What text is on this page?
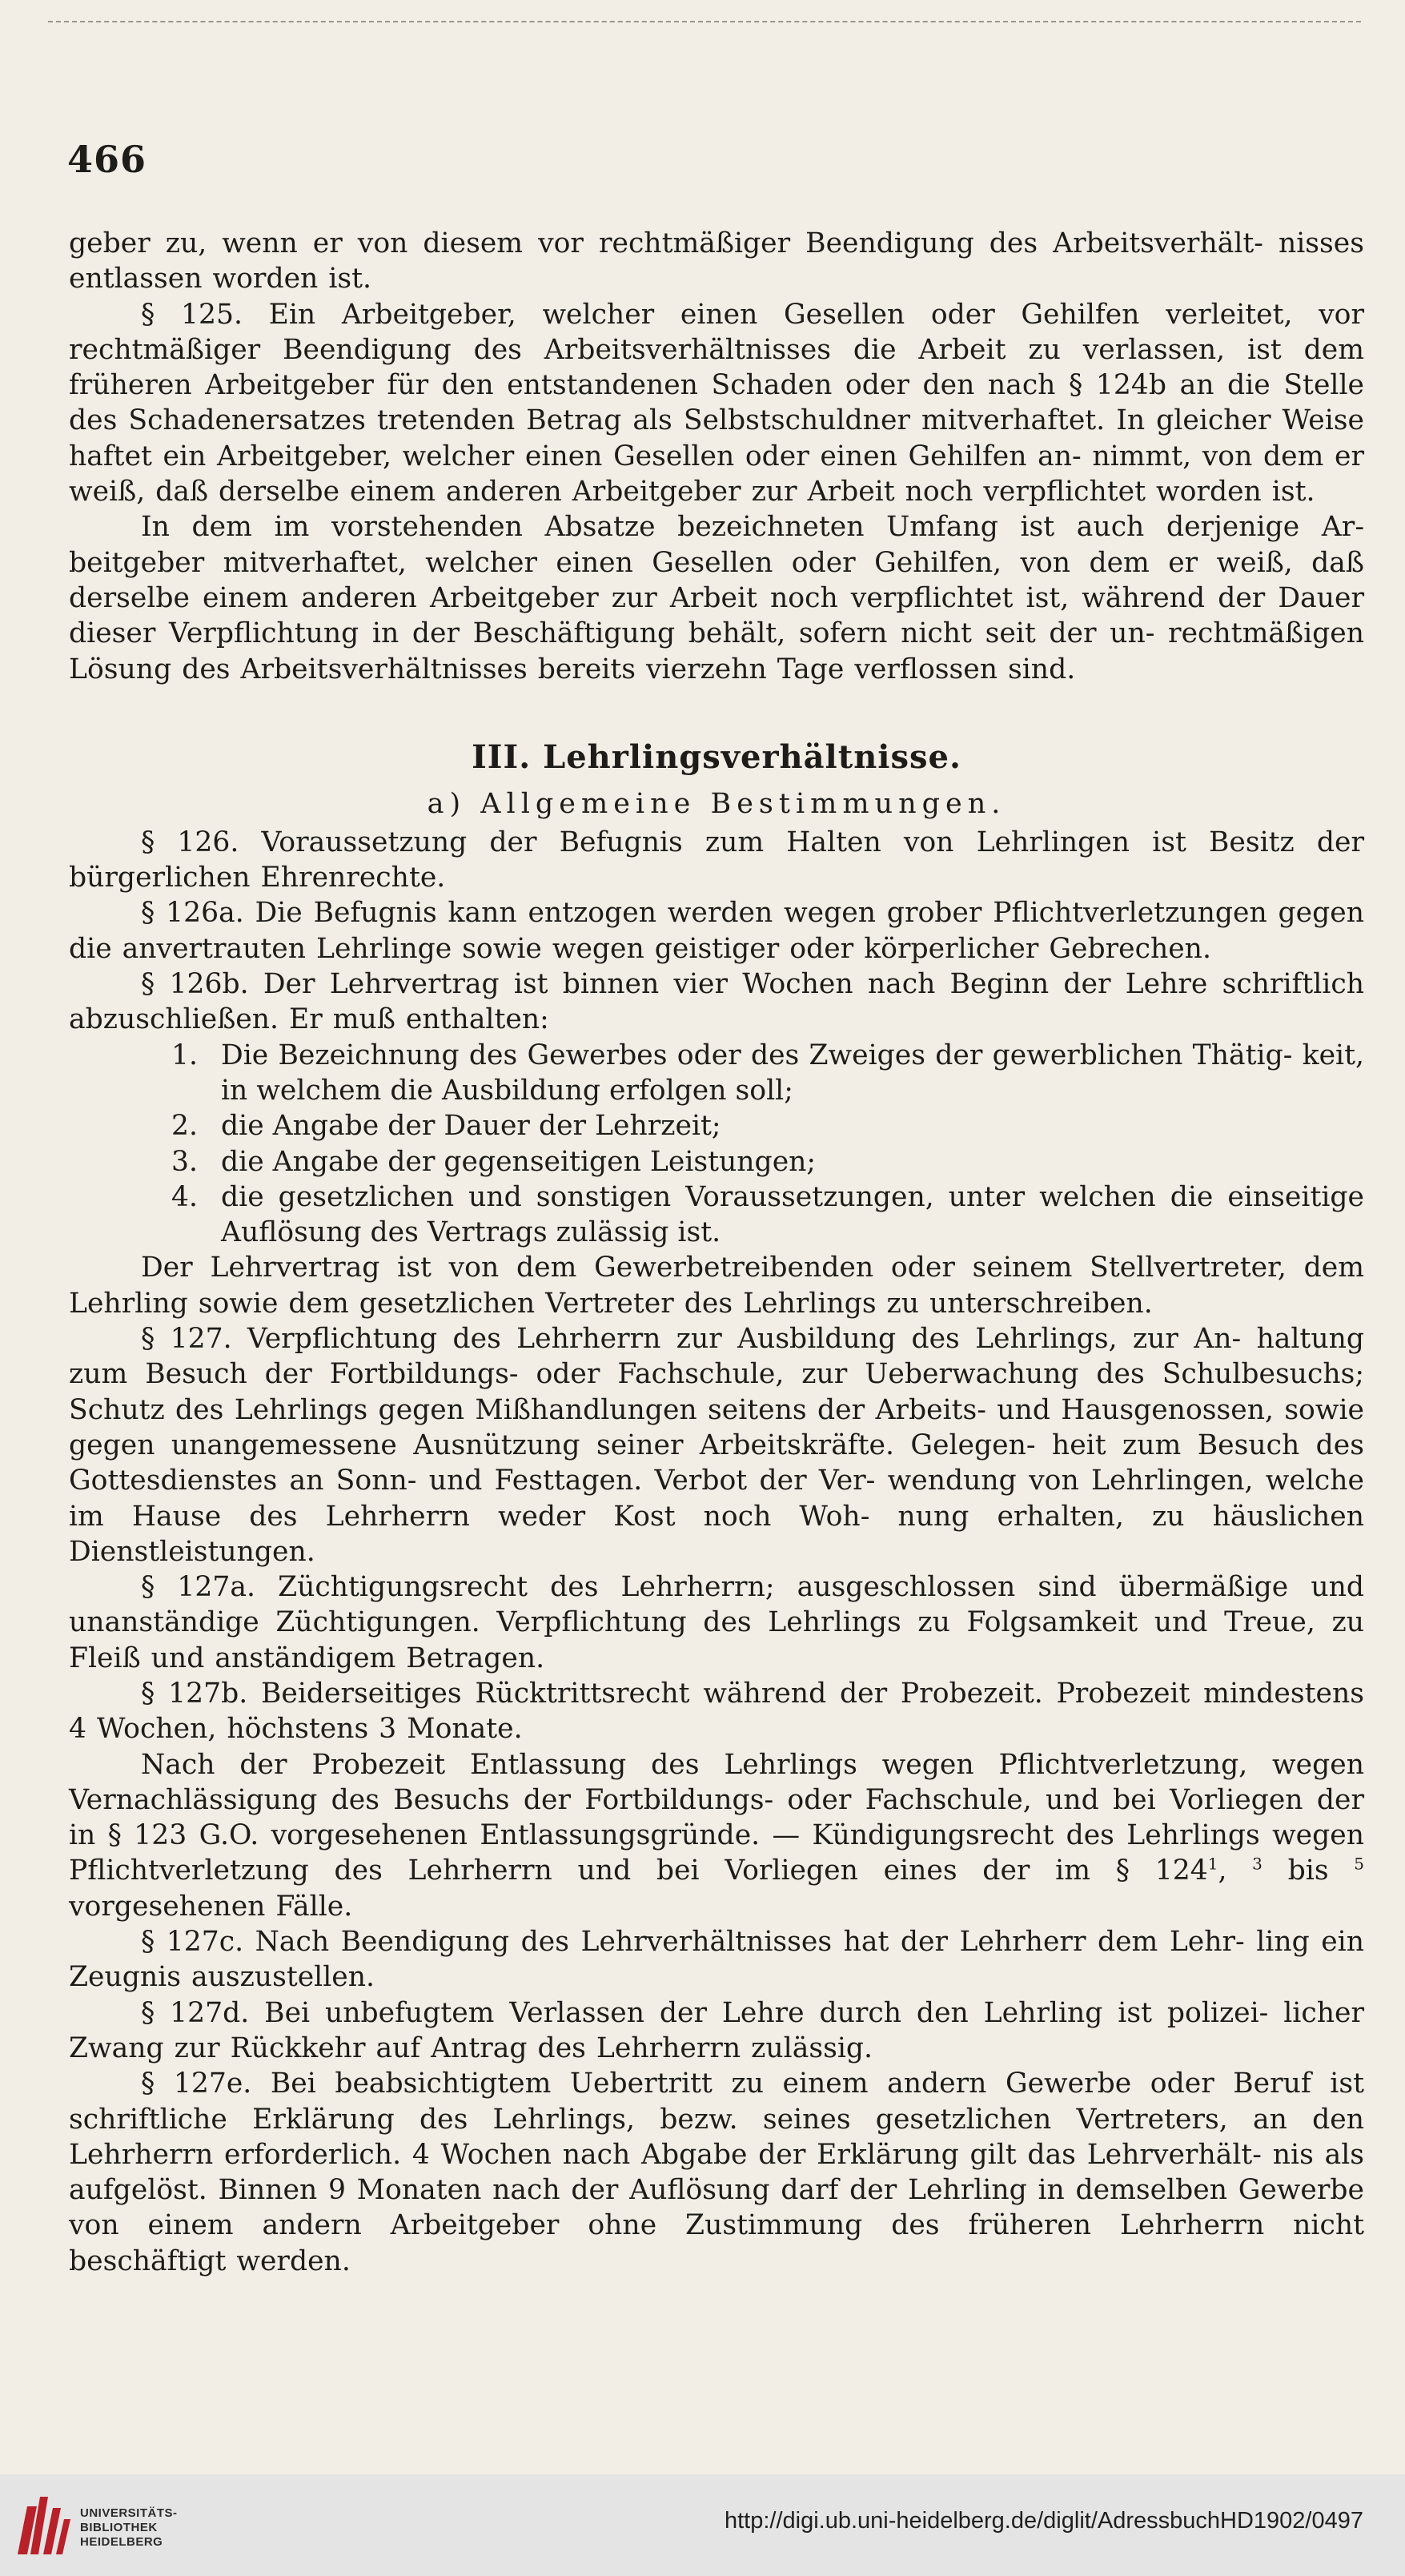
466

geber zu, wenn er von diesem vor rechtmäßiger Beendigung des Arbeitsverhält- nisses entlassen worden ist.

§ 125. Ein Arbeitgeber, welcher einen Gesellen oder Gehilfen verleitet, vor rechtmäßiger Beendigung des Arbeitsverhältnisses die Arbeit zu verlassen, ist dem früheren Arbeitgeber für den entstandenen Schaden oder den nach § 124b an die Stelle des Schadenersatzes tretenden Betrag als Selbstschuldner mitverhaftet. In gleicher Weise haftet ein Arbeitgeber, welcher einen Gesellen oder einen Gehilfen an- nimmt, von dem er weiß, daß derselbe einem anderen Arbeitgeber zur Arbeit noch verpflichtet worden ist.

In dem im vorstehenden Absatze bezeichneten Umfang ist auch derjenige Ar- beitgeber mitverhaftet, welcher einen Gesellen oder Gehilfen, von dem er weiß, daß derselbe einem anderen Arbeitgeber zur Arbeit noch verpflichtet ist, während der Dauer dieser Verpflichtung in der Beschäftigung behält, sofern nicht seit der un- rechtmäßigen Lösung des Arbeitsverhältnisses bereits vierzehn Tage verflossen sind.

III. Lehrlingsverhältnisse.
a) Allgemeine Bestimmungen.

§ 126. Voraussetzung der Befugnis zum Halten von Lehrlingen ist Besitz der bürgerlichen Ehrenrechte.

§ 126a. Die Befugnis kann entzogen werden wegen grober Pflichtverletzungen gegen die anvertrauten Lehrlinge sowie wegen geistiger oder körperlicher Gebrechen.

§ 126b. Der Lehrvertrag ist binnen vier Wochen nach Beginn der Lehre schriftlich abzuschließen. Er muß enthalten:

1. Die Bezeichnung des Gewerbes oder des Zweiges der gewerblichen Thätig- keit, in welchem die Ausbildung erfolgen soll;
2. die Angabe der Dauer der Lehrzeit;
3. die Angabe der gegenseitigen Leistungen;
4. die gesetzlichen und sonstigen Voraussetzungen, unter welchen die einseitige Auflösung des Vertrags zulässig ist.

Der Lehrvertrag ist von dem Gewerbetreibenden oder seinem Stellvertreter, dem Lehrling sowie dem gesetzlichen Vertreter des Lehrlings zu unterschreiben.

§ 127. Verpflichtung des Lehrherrn zur Ausbildung des Lehrlings, zur An- haltung zum Besuch der Fortbildungs- oder Fachschule, zur Ueberwachung des Schulbesuchs; Schutz des Lehrlings gegen Mißhandlungen seitens der Arbeits- und Hausgenossen, sowie gegen unangemessene Ausnützung seiner Arbeitskräfte. Gelegen- heit zum Besuch des Gottesdienstes an Sonn- und Festtagen. Verbot der Ver- wendung von Lehrlingen, welche im Hause des Lehrherrn weder Kost noch Woh- nung erhalten, zu häuslichen Dienstleistungen.

§ 127a. Züchtigungsrecht des Lehrherrn; ausgeschlossen sind übermäßige und unanständige Züchtigungen. Verpflichtung des Lehrlings zu Folgsamkeit und Treue, zu Fleiß und anständigem Betragen.

§ 127b. Beiderseitiges Rücktrittsrecht während der Probezeit. Probezeit mindestens 4 Wochen, höchstens 3 Monate.

Nach der Probezeit Entlassung des Lehrlings wegen Pflichtverletzung, wegen Vernachlässigung des Besuchs der Fortbildungs- oder Fachschule, und bei Vorliegen der in § 123 G.O. vorgesehenen Entlassungsgründe. — Kündigungsrecht des Lehrlings wegen Pflichtverletzung des Lehrherrn und bei Vorliegen eines der im § $124^1$, $^3$ bis $^5$ vorgesehenen Fälle.

§ 127c. Nach Beendigung des Lehrverhältnisses hat der Lehrherr dem Lehr- ling ein Zeugnis auszustellen.

§ 127d. Bei unbefugtem Verlassen der Lehre durch den Lehrling ist polizei- licher Zwang zur Rückkehr auf Antrag des Lehrherrn zulässig.

§ 127e. Bei beabsichtigtem Uebertritt zu einem andern Gewerbe oder Beruf ist schriftliche Erklärung des Lehrlings, bezw. seines gesetzlichen Vertreters, an den Lehrherrn erforderlich. 4 Wochen nach Abgabe der Erklärung gilt das Lehrverhält- nis als aufgelöst. Binnen 9 Monaten nach der Auflösung darf der Lehrling in demselben Gewerbe von einem andern Arbeitgeber ohne Zustimmung des früheren Lehrherrn nicht beschäftigt werden.

UNIVERSITÄTS-
BIBLIOTHEK
HEIDELBERG
http://digi.ub.uni-heidelberg.de/diglit/AdressbuchHD1902/0497
